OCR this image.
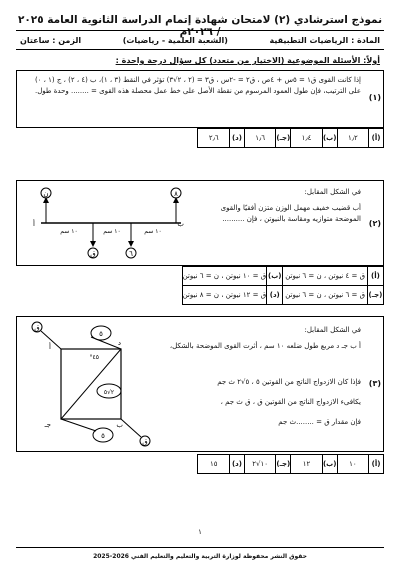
نموذج استرشادي (٢) لامتحان شهادة إتمام الدراسة الثانوية العامة ٢٠٢٥ / ٢٠٢٦م
المادة : الرياضيات التطبيقية
(الشعبة العلمية - رياضيات)
الزمن : ساعتان
أولاً: الأسئلة الموضوعية (الاختيار من متعدد) كل سؤال درجة واحدة :
(١)
إذا كانت القوى ق١ = ٥س + ٤ص ، ق٢ = -٢س ، ق٣ = (٢ ، ٢√٣) تؤثر في النقط (٣ ، ١)، ب (٤ ، ٢) ، ج (١ ، ٠) على الترتيب، فإن طول العمود المرسوم من نقطة الأصل على خط عمل محصلة هذه القوى = ........ وحدة طول.
(أ)	١٫٢	(ب)	١٫٤	(جـ)	١٫٦	(د)	٢٫٦
(٢)
في الشكل المقابل:
أب قضيب خفيف مهمل الوزن متزن أفقيًا والقوى الموضحة متوازيه ومقاسة بالنيوتن ، فإن ..........
ن	٨
ق	٦
أ	ب
١٠ سم	١٠ سم	١٠ سم
(أ)	ق = ٤ نيوتن ، ن = ٦ نيوتن	(ب)	ق = ١٠ نيوتن ، ن = ٦ نيوتن
(جـ)	ق = ٦ نيوتن ، ن = ٦ نيوتن	(د)	ق = ١٢ نيوتن ، ن = ٨ نيوتن
(٣)
في الشكل المقابل:
أ ب جـ د مربع طول ضلعه ١٠ سم ، أثرت القوى الموضحة بالشكل،
فإذا كان الازدواج الناتج من القوتين ٥ ، ٥√٢ ث جم
يكافىء الازدواج الناتج من القوتين ق ، ق ث جم ،
فإن مقدار ق = ........ث جم
د
أ
جـ	ب
٥
٤٥°
٢√٥
٥
ق
ق
(أ)	١٠	(ب)	١٢	(جـ)	١٠√٢	(د)	١٥
١
حقوق النشر محفوظة لوزارة التربية والتعليم والتعليم الفني 2026-2025
